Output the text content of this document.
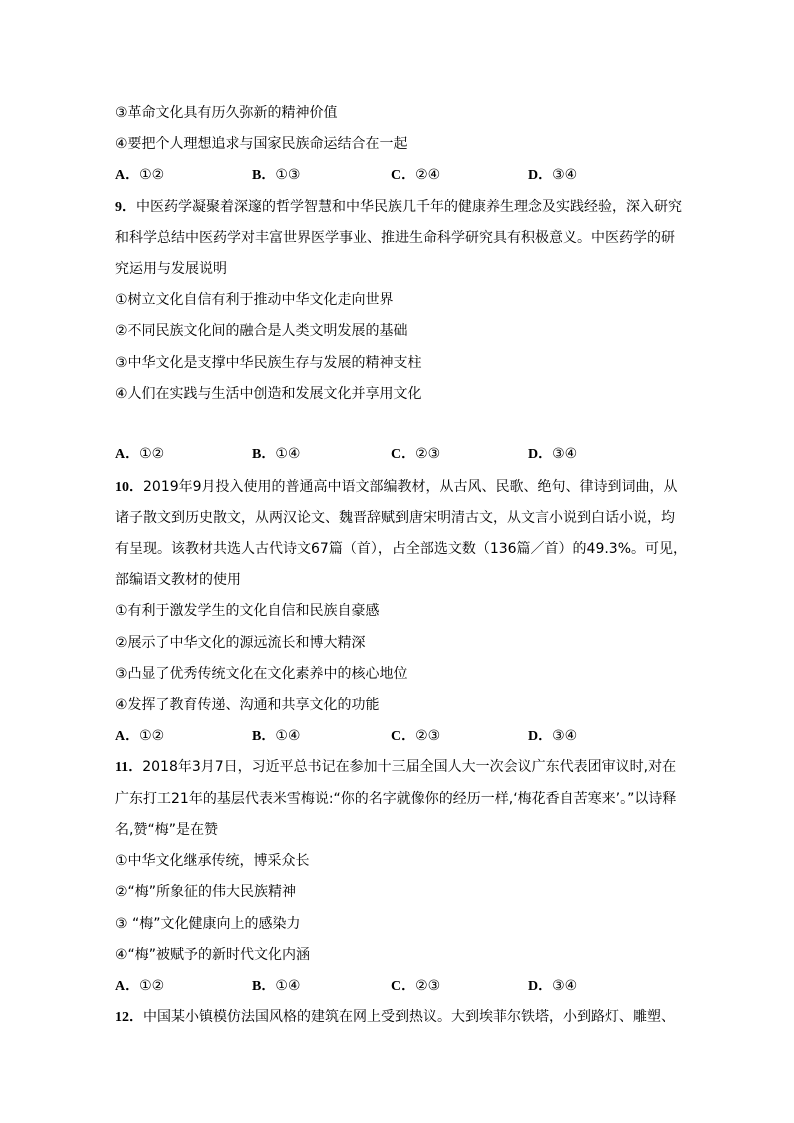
③革命文化具有历久弥新的精神价值
④要把个人理想追求与国家民族命运结合在一起
A．①②	B．①③	C．②④	D．③④
9．中医药学凝聚着深邃的哲学智慧和中华民族几千年的健康养生理念及实践经验，深入研究
和科学总结中医药学对丰富世界医学事业、推进生命科学研究具有积极意义。中医药学的研
究运用与发展说明
①树立文化自信有利于推动中华文化走向世界
②不同民族文化间的融合是人类文明发展的基础
③中华文化是支撑中华民族生存与发展的精神支柱
④人们在实践与生活中创造和发展文化并享用文化
A．①②	B．①④	C．②③	D．③④
10．2019年9月投入使用的普通高中语文部编教材，从古风、民歌、绝句、律诗到词曲，从
诸子散文到历史散文，从两汉论文、魏晋辞赋到唐宋明清古文，从文言小说到白话小说，均
有呈现。该教材共选人古代诗文67篇（首），占全部选文数（136篇／首）的49.3%。可见，
部编语文教材的使用
①有利于激发学生的文化自信和民族自豪感
②展示了中华文化的源远流长和博大精深
③凸显了优秀传统文化在文化素养中的核心地位
④发挥了教育传递、沟通和共享文化的功能
A．①②	B．①④	C．②③	D．③④
11．2018年3月7日，习近平总书记在参加十三届全国人大一次会议广东代表团审议时,对在
广东打工21年的基层代表米雪梅说:“你的名字就像你的经历一样,‘梅花香自苦寒来’。”以诗释
名,赞“梅”是在赞
①中华文化继承传统，博采众长
②“梅”所象征的伟大民族精神
③ “梅”文化健康向上的感染力
④“梅”被赋予的新时代文化内涵
A．①②	B．①④	C．②③	D．③④
12．中国某小镇模仿法国风格的建筑在网上受到热议。大到埃菲尔铁塔，小到路灯、雕塑、
